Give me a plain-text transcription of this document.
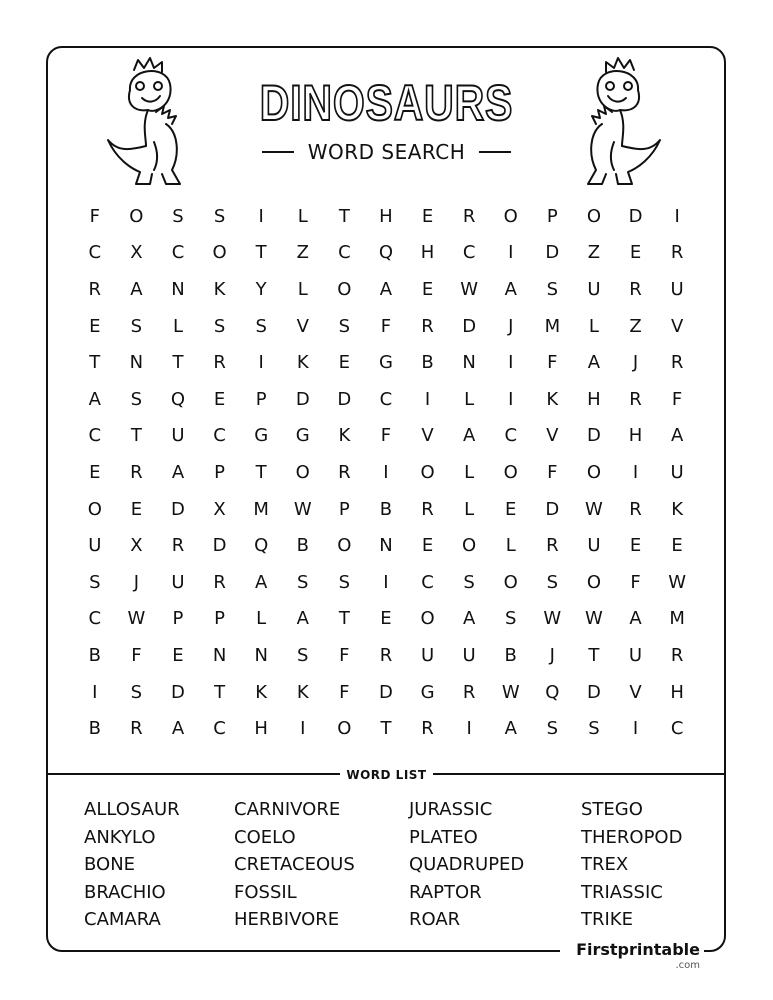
DINOSAURS
WORD SEARCH
F	O	S	S	I	L	T	H	E	R	O	P	O	D	I
C	X	C	O	T	Z	C	Q	H	C	I	D	Z	E	R
R	A	N	K	Y	L	O	A	E	W	A	S	U	R	U
E	S	L	S	S	V	S	F	R	D	J	M	L	Z	V
T	N	T	R	I	K	E	G	B	N	I	F	A	J	R
A	S	Q	E	P	D	D	C	I	L	I	K	H	R	F
C	T	U	C	G	G	K	F	V	A	C	V	D	H	A
E	R	A	P	T	O	R	I	O	L	O	F	O	I	U
O	E	D	X	M	W	P	B	R	L	E	D	W	R	K
U	X	R	D	Q	B	O	N	E	O	L	R	U	E	E
S	J	U	R	A	S	S	I	C	S	O	S	O	F	W
C	W	P	P	L	A	T	E	O	A	S	W	W	A	M
B	F	E	N	N	S	F	R	U	U	B	J	T	U	R
I	S	D	T	K	K	F	D	G	R	W	Q	D	V	H
B	R	A	C	H	I	O	T	R	I	A	S	S	I	C
WORD LIST
ALLOSAUR
ANKYLO
BONE
BRACHIO
CAMARA
CARNIVORE
COELO
CRETACEOUS
FOSSIL
HERBIVORE
JURASSIC
PLATEO
QUADRUPED
RAPTOR
ROAR
STEGO
THEROPOD
TREX
TRIASSIC
TRIKE
Firstprintable
.com
